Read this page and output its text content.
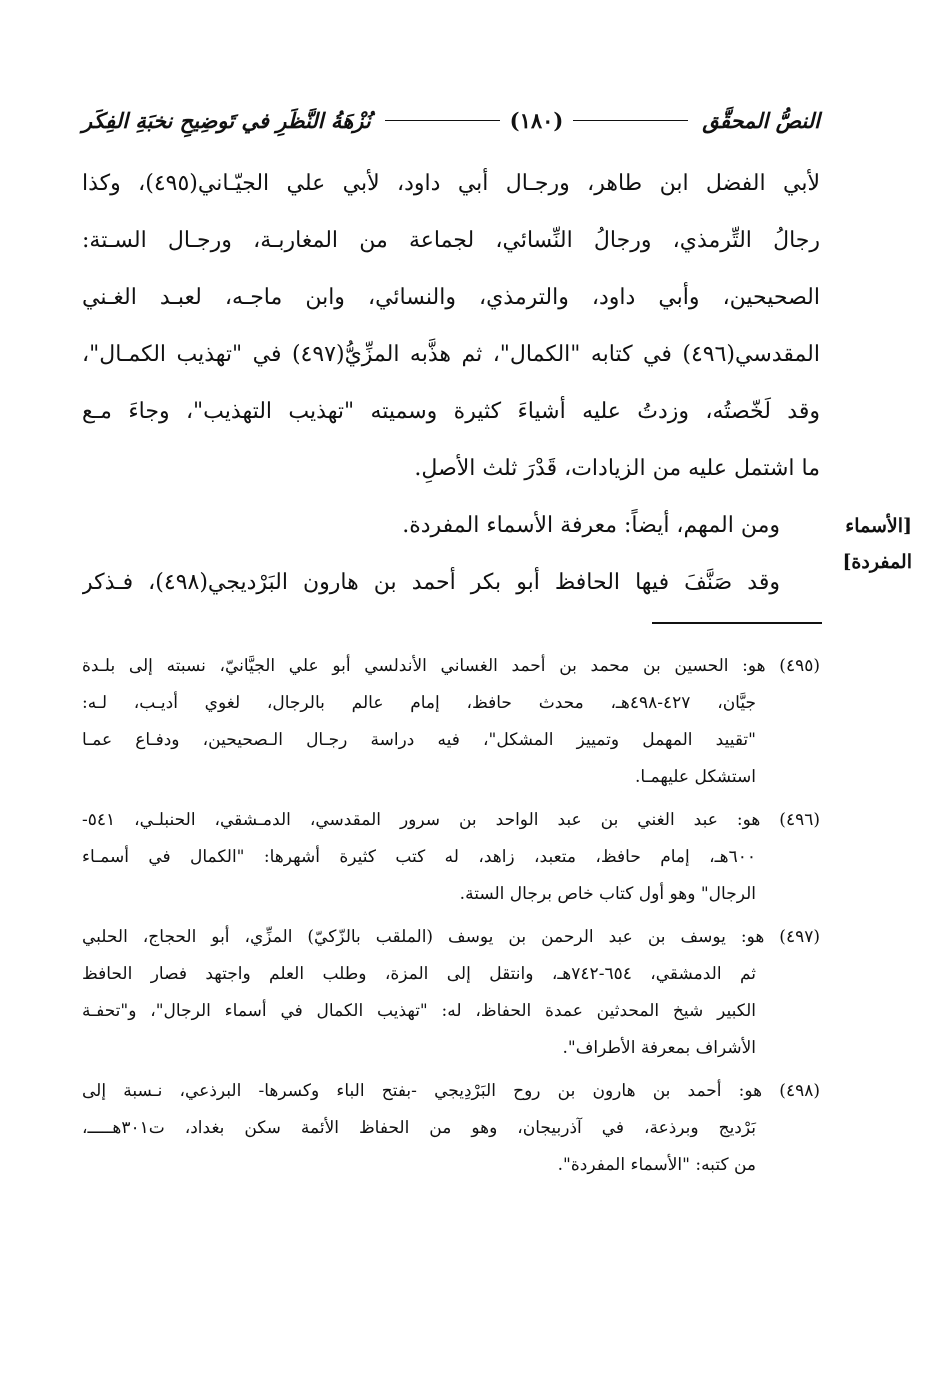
النصُّ المحقَّق
(١٨٠)
نُزْهَةُ النَّظَرِ في تَوضِيحِ نخبَةِ الفِكَر

لأبي الفضل ابن طاهر، ورجـال أبي داود، لأبي علي الجيّـاني(٤٩٥)، وكذا

رجالُ التِّرمذي، ورجالُ النِّسائي، لجماعة من المغاربـة، ورجـال السـتة:

الصحيحين، وأبي داود، والترمذي، والنسائي، وابن ماجـه، لعبـد الغـني

المقدسي(٤٩٦) في كتابه "الكمال"، ثم هذَّبه المزِّيُّ(٤٩٧) في "تهذيب الكمـال"،

وقد لَخّصتُه، وزدتُ عليه أشياءَ كثيرة وسميته "تهذيب التهذيب"، وجاءَ مـع

ما اشتمل عليه من الزيادات، قَدْرَ ثلث الأصلِ.

ومن المهم، أيضاً: معرفة الأسماء المفردة.

وقد صَنَّفَ فيها الحافظ أبو بكر أحمد بن هارون البَرْديجي(٤٩٨)، فـذكر

[الأسماء
المفردة]

(٤٩٥) هو: الحسين بن محمد بن أحمد الغساني الأندلسي أبو علي الجيَّانيّ، نسبته إلى بلـدة

جيَّان، ٤٢٧-٤٩٨هـ، محدث حافظ، إمام عالم بالرجال، لغوي أديـب، لـه:

"تقييد المهمل وتمييز المشكل"، فيه دراسة رجـال الـصحيحين، ودفـاع عمـا

استشكل عليهمـا.

(٤٩٦) هو: عبد الغني بن عبد الواحد بن سرور المقدسي، الدمـشقي، الحنبلـي، ٥٤١-

٦٠٠هـ، إمام حافظ، متعبد، زاهد، له كتب كثيرة أشهرها: "الكمال في أسمـاء

الرجال" وهو أول كتاب خاص برجال الستة.

(٤٩٧) هو: يوسف بن عبد الرحمن بن يوسف (الملقب بالزّكيّ) المزِّي، أبو الحجاج، الحلبي

ثم الدمشقي، ٦٥٤-٧٤٢هـ، وانتقل إلى المزة، وطلب العلم واجتهد فصار الحافظ

الكبير شيخ المحدثين عمدة الحفاظ، له: "تهذيب الكمال في أسماء الرجال"، و"تحفـة

الأشراف بمعرفة الأطراف".

(٤٩٨) هو: أحمد بن هارون بن روح البَرْدِيجي -بفتح الباء وكسرها- البرذعي، نـسبة إلى

بَرْديج وبرذعة، في آذربيجان، وهو من الحفاظ الأئمة سكن بغداد، ت٣٠١هـــــ،

من كتبه: "الأسماء المفردة".
